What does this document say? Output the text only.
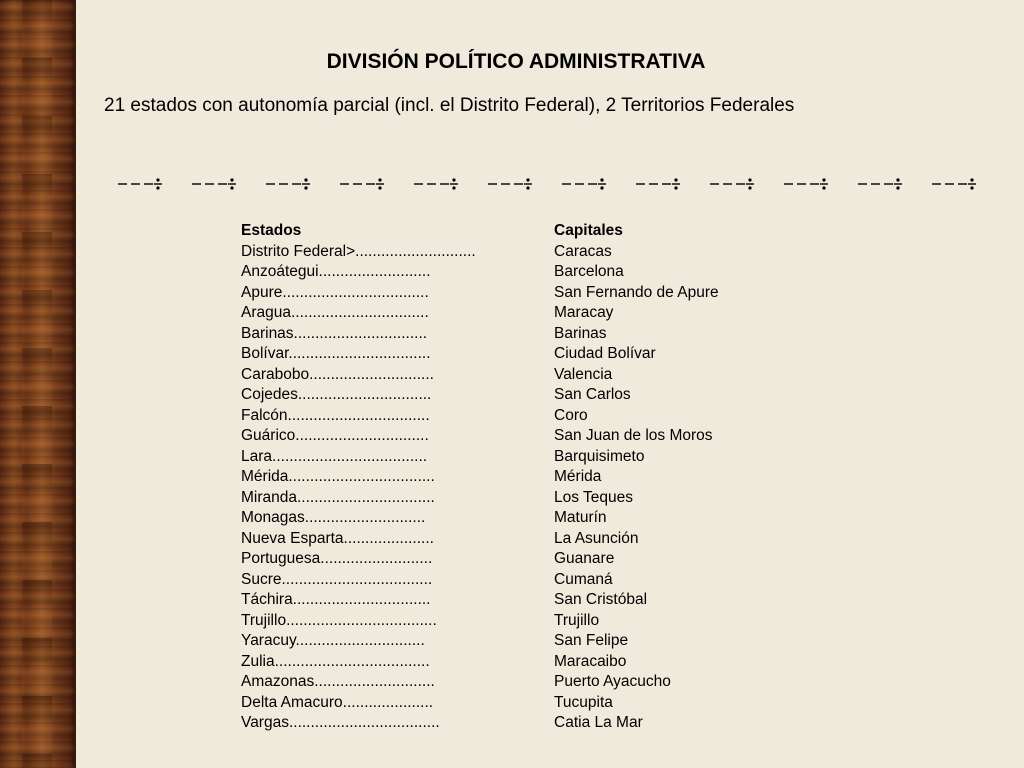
DIVISIÓN POLÍTICO ADMINISTRATIVA
21 estados con autonomía parcial (incl. el Distrito Federal), 2 Territorios Federales
Estados
Distrito Federal>............................
Anzoátegui..........................
Apure..................................
Aragua................................
Barinas...............................
Bolívar.................................
Carabobo.............................
Cojedes...............................
Falcón.................................
Guárico...............................
Lara....................................
Mérida..................................
Miranda................................
Monagas............................
Nueva Esparta.....................
Portuguesa..........................
Sucre...................................
Táchira................................
Trujillo...................................
Yaracuy..............................
Zulia....................................
Amazonas............................
Delta Amacuro.....................
Vargas...................................
Capitales
Caracas
Barcelona
San Fernando de Apure
Maracay
Barinas
Ciudad Bolívar
Valencia
San Carlos
Coro
San Juan de los Moros
Barquisimeto
Mérida
Los Teques
Maturín
La Asunción
Guanare
Cumaná
San Cristóbal
Trujillo
San Felipe
Maracaibo
Puerto Ayacucho
Tucupita
Catia La Mar
